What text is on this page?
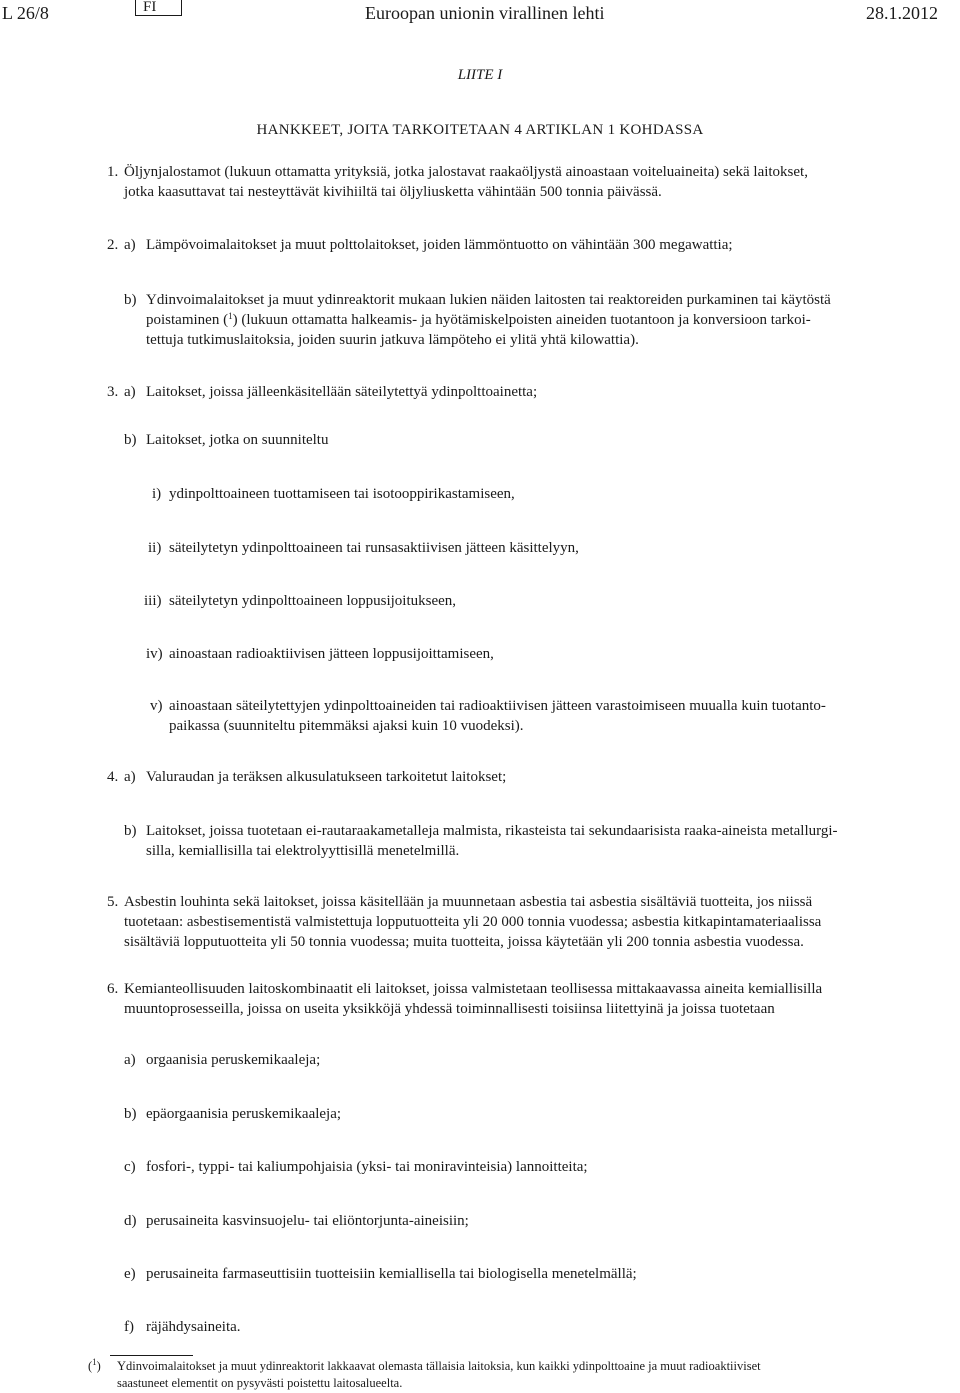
L 26/8	FI	Euroopan unionin virallinen lehti	28.1.2012
LIITE I
HANKKEET, JOITA TARKOITETAAN 4 ARTIKLAN 1 KOHDASSA
1. Öljynjalostamot (lukuun ottamatta yrityksiä, jotka jalostavat raakaöljystä ainoastaan voiteluaineita) sekä laitokset,
jotka kaasuttavat tai nesteyttävät kivihiiltä tai öljyliusketta vähintään 500 tonnia päivässä.
2. a) Lämpövoimalaitokset ja muut polttolaitokset, joiden lämmöntuotto on vähintään 300 megawattia;
b) Ydinvoimalaitokset ja muut ydinreaktorit mukaan lukien näiden laitosten tai reaktoreiden purkaminen tai käytöstä
poistaminen ($^1$) (lukuun ottamatta halkeamis- ja hyötämiskelpoisten aineiden tuotantoon ja konversioon tarkoi-
tettuja tutkimuslaitoksia, joiden suurin jatkuva lämpöteho ei ylitä yhtä kilowattia).
3. a) Laitokset, joissa jälleenkäsitellään säteilytettyä ydinpolttoainetta;
b) Laitokset, jotka on suunniteltu
i) ydinpolttoaineen tuottamiseen tai isotooppirikastamiseen,
ii) säteilytetyn ydinpolttoaineen tai runsasaktiivisen jätteen käsittelyyn,
iii) säteilytetyn ydinpolttoaineen loppusijoitukseen,
iv) ainoastaan radioaktiivisen jätteen loppusijoittamiseen,
v) ainoastaan säteilytettyjen ydinpolttoaineiden tai radioaktiivisen jätteen varastoimiseen muualla kuin tuotanto-
paikassa (suunniteltu pitemmäksi ajaksi kuin 10 vuodeksi).
4. a) Valuraudan ja teräksen alkusulatukseen tarkoitetut laitokset;
b) Laitokset, joissa tuotetaan ei-rautaraakametalleja malmista, rikasteista tai sekundaarisista raaka-aineista metallurgi-
silla, kemiallisilla tai elektrolyyttisillä menetelmillä.
5. Asbestin louhinta sekä laitokset, joissa käsitellään ja muunnetaan asbestia tai asbestia sisältäviä tuotteita, jos niissä
tuotetaan: asbestisementistä valmistettuja lopputuotteita yli 20 000 tonnia vuodessa; asbestia kitkapintamateriaalissa
sisältäviä lopputuotteita yli 50 tonnia vuodessa; muita tuotteita, joissa käytetään yli 200 tonnia asbestia vuodessa.
6. Kemianteollisuuden laitoskombinaatit eli laitokset, joissa valmistetaan teollisessa mittakaavassa aineita kemiallisilla
muuntoprosesseilla, joissa on useita yksikköjä yhdessä toiminnallisesti toisiinsa liitettyinä ja joissa tuotetaan
a) orgaanisia peruskemikaaleja;
b) epäorgaanisia peruskemikaaleja;
c) fosfori-, typpi- tai kaliumpohjaisia (yksi- tai moniravinteisia) lannoitteita;
d) perusaineita kasvinsuojelu- tai eliöntorjunta-aineisiin;
e) perusaineita farmaseuttisiin tuotteisiin kemiallisella tai biologisella menetelmällä;
f) räjähdysaineita.
($^1$) Ydinvoimalaitokset ja muut ydinreaktorit lakkaavat olemasta tällaisia laitoksia, kun kaikki ydinpolttoaine ja muut radioaktiiviset
saastuneet elementit on pysyvästi poistettu laitosalueelta.
